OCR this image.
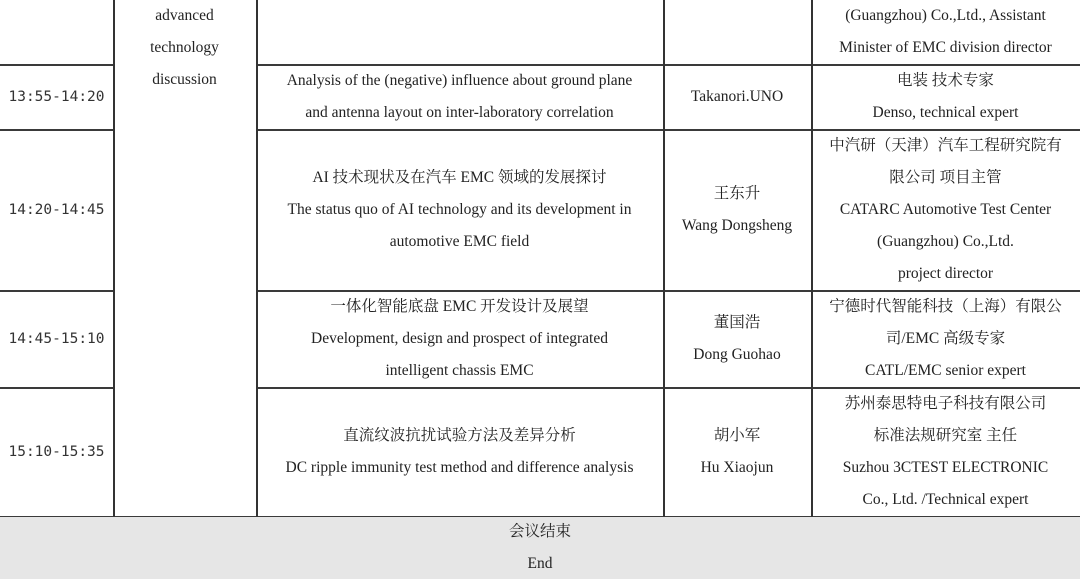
advanced
technology
discussion
(Guangzhou) Co.,Ltd., Assistant
Minister of EMC division director
13:55-14:20
Analysis of the (negative) influence about ground plane
and antenna layout on inter-laboratory correlation
Takanori.UNO
电装 技术专家
Denso, technical expert
14:20-14:45
AI 技术现状及在汽车 EMC 领域的发展探讨
The status quo of AI technology and its development in
automotive EMC field
王东升
Wang Dongsheng
中汽研（天津）汽车工程研究院有
限公司 项目主管
CATARC Automotive Test Center
(Guangzhou) Co.,Ltd.
project director
14:45-15:10
一体化智能底盘 EMC 开发设计及展望
Development, design and prospect of integrated
intelligent chassis EMC
董国浩
Dong Guohao
宁德时代智能科技（上海）有限公
司/EMC 高级专家
CATL/EMC senior expert
15:10-15:35
直流纹波抗扰试验方法及差异分析
DC ripple immunity test method and difference analysis
胡小军
Hu Xiaojun
苏州泰思特电子科技有限公司
标准法规研究室 主任
Suzhou 3CTEST ELECTRONIC
Co., Ltd. /Technical expert
会议结束
End
